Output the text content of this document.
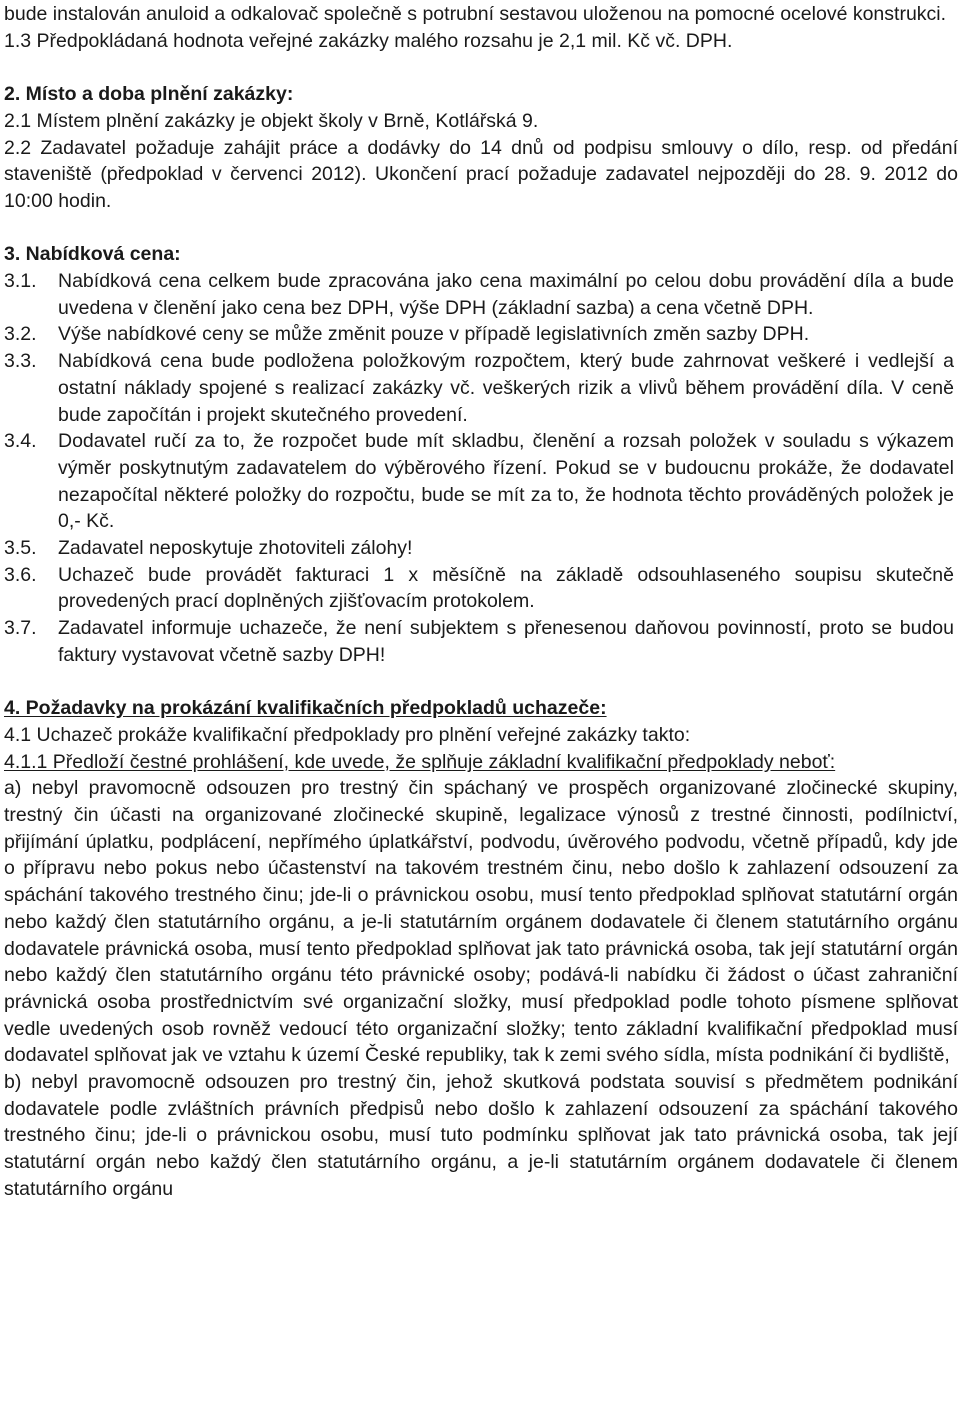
bude instalován anuloid a odkalovač společně s potrubní sestavou uloženou na pomocné ocelové konstrukci.

1.3 Předpokládaná hodnota veřejné zakázky malého rozsahu je 2,1 mil. Kč vč. DPH.

2. Místo a doba plnění zakázky:

2.1 Místem plnění zakázky je objekt školy v Brně, Kotlářská 9.

2.2 Zadavatel požaduje zahájit práce a dodávky do 14 dnů od podpisu smlouvy o dílo, resp. od předání staveniště (předpoklad v červenci 2012). Ukončení prací požaduje zadavatel nejpozději do 28. 9. 2012 do 10:00 hodin.

3. Nabídková cena:

3.1.	Nabídková cena celkem bude zpracována jako cena maximální po celou dobu provádění díla a bude uvedena v členění jako cena bez DPH, výše DPH (základní sazba) a cena včetně DPH.
3.2.	Výše nabídkové ceny se může změnit pouze v případě legislativních změn sazby DPH.
3.3.	Nabídková cena bude podložena položkovým rozpočtem, který bude zahrnovat veškeré i vedlejší a ostatní náklady spojené s realizací zakázky vč. veškerých rizik a vlivů během provádění díla. V ceně bude započítán i projekt skutečného provedení.
3.4.	Dodavatel ručí za to, že rozpočet bude mít skladbu, členění a rozsah položek v souladu s výkazem výměr poskytnutým zadavatelem do výběrového řízení. Pokud se v budoucnu prokáže, že dodavatel nezapočítal některé položky do rozpočtu, bude se mít za to, že hodnota těchto prováděných položek je 0,- Kč.
3.5.	Zadavatel neposkytuje zhotoviteli zálohy!
3.6.	Uchazeč bude provádět fakturaci 1 x měsíčně na základě odsouhlaseného soupisu skutečně provedených prací doplněných zjišťovacím protokolem.
3.7.	Zadavatel informuje uchazeče, že není subjektem s přenesenou daňovou povinností, proto se budou faktury vystavovat včetně sazby DPH!

4. Požadavky na prokázání kvalifikačních předpokladů uchazeče:

4.1 Uchazeč prokáže kvalifikační předpoklady pro plnění veřejné zakázky takto:

4.1.1 Předloží čestné prohlášení, kde uvede, že splňuje základní kvalifikační předpoklady neboť:

a) nebyl pravomocně odsouzen pro trestný čin spáchaný ve prospěch organizované zločinecké skupiny, trestný čin účasti na organizované zločinecké skupině, legalizace výnosů z trestné činnosti, podílnictví, přijímání úplatku, podplácení, nepřímého úplatkářství, podvodu, úvěrového podvodu, včetně případů, kdy jde o přípravu nebo pokus nebo účastenství na takovém trestném činu, nebo došlo k zahlazení odsouzení za spáchání takového trestného činu; jde-li o právnickou osobu, musí tento předpoklad splňovat statutární orgán nebo každý člen statutárního orgánu, a je-li statutárním orgánem dodavatele či členem statutárního orgánu dodavatele právnická osoba, musí tento předpoklad splňovat jak tato právnická osoba, tak její statutární orgán nebo každý člen statutárního orgánu této právnické osoby; podává-li nabídku či žádost o účast zahraniční právnická osoba prostřednictvím své organizační složky, musí předpoklad podle tohoto písmene splňovat vedle uvedených osob rovněž vedoucí této organizační složky; tento základní kvalifikační předpoklad musí dodavatel splňovat jak ve vztahu k území České republiky, tak k zemi svého sídla, místa podnikání či bydliště,

b) nebyl pravomocně odsouzen pro trestný čin, jehož skutková podstata souvisí s předmětem podnikání dodavatele podle zvláštních právních předpisů nebo došlo k zahlazení odsouzení za spáchání takového trestného činu; jde-li o právnickou osobu, musí tuto podmínku splňovat jak tato právnická osoba, tak její statutární orgán nebo každý člen statutárního orgánu, a je-li statutárním orgánem dodavatele či členem statutárního orgánu
